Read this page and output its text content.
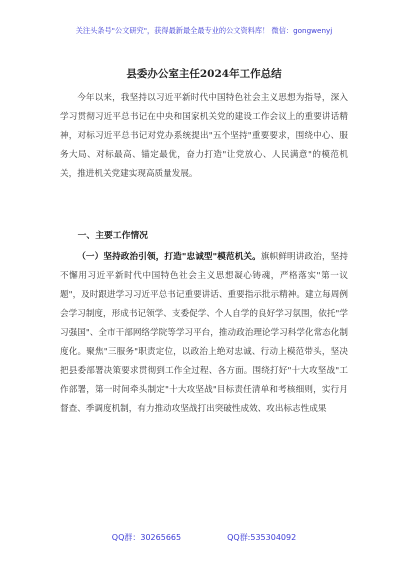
关注头条号"公文研究"，获得最新最全最专业的公文资料库！ 微信：gongwenyj
县委办公室主任2024年工作总结

今年以来，我坚持以习近平新时代中国特色社会主义思想为指导，深入学习贯彻习近平总书记在中央和国家机关党的建设工作会议上的重要讲话精神，对标习近平总书记对党办系统提出"五个坚持"重要要求，围绕中心、服务大局、对标最高、锚定最优，奋力打造"让党放心、人民满意"的模范机关，推进机关党建实现高质量发展。

一、主要工作情况

（一）坚持政治引领，打造"忠诚型"模范机关。旗帜鲜明讲政治，坚持不懈用习近平新时代中国特色社会主义思想凝心铸魂，严格落实"第一议题"，及时跟进学习习近平总书记重要讲话、重要指示批示精神。建立每周例会学习制度，形成书记领学、支委促学、个人自学的良好学习氛围，依托"学习强国"、全市干部网络学院等学习平台，推动政治理论学习科学化常态化制度化。聚焦"三服务"职责定位，以政治上绝对忠诚、行动上模范带头，坚决把县委部署决策要求贯彻到工作全过程、各方面。围绕打好"十大攻坚战"工作部署，第一时间牵头制定"十大攻坚战"目标责任清单和考核细则，实行月督查、季调度机制，有力推动攻坚战打出突破性成效、攻出标志性成果

QQ群：30265665	QQ群:535304092
